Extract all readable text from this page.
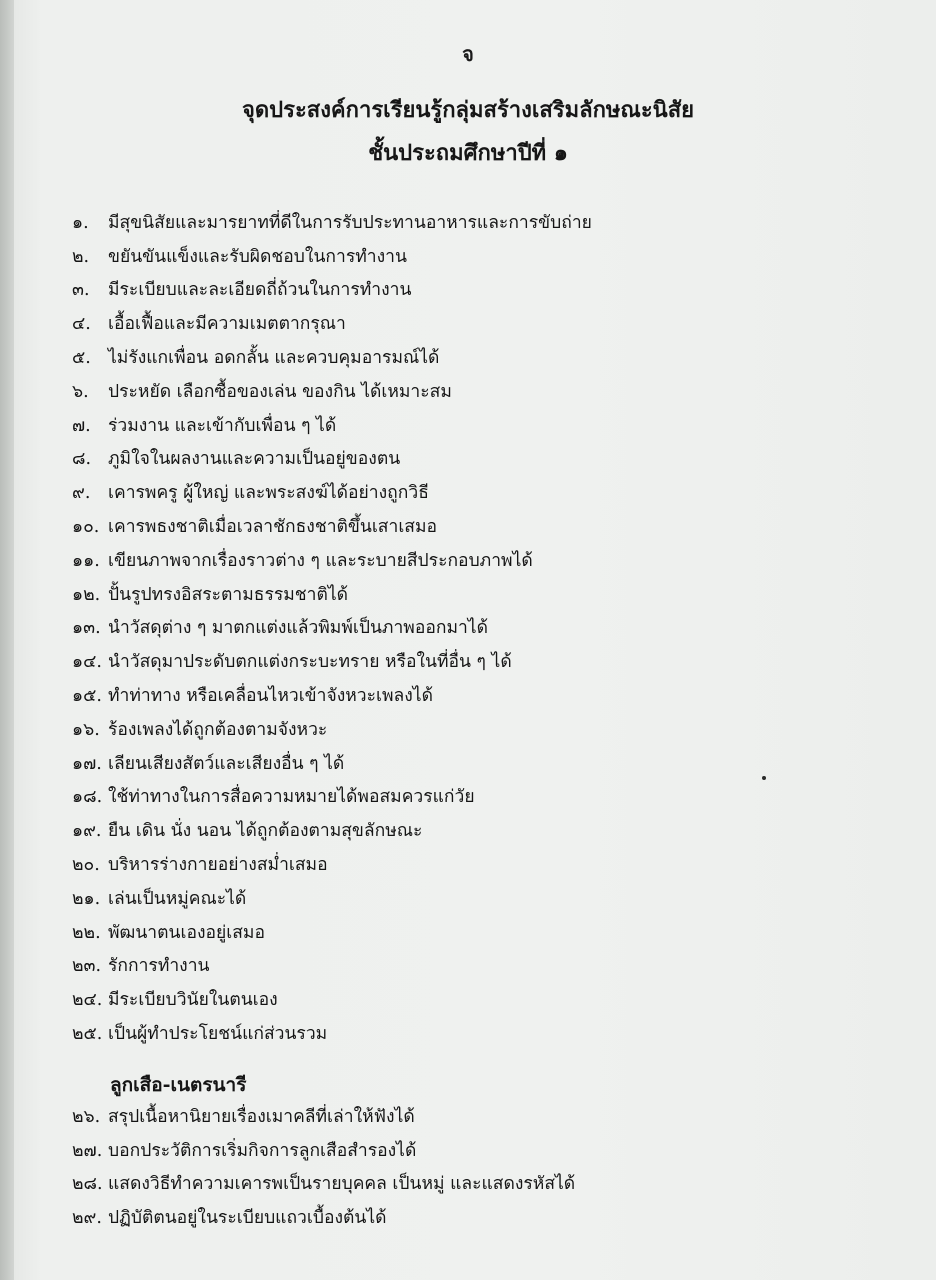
จ
จุดประสงค์การเรียนรู้กลุ่มสร้างเสริมลักษณะนิสัย
ชั้นประถมศึกษาปีที่ ๑
๑.	มีสุขนิสัยและมารยาทที่ดีในการรับประทานอาหารและการขับถ่าย
๒.	ขยันขันแข็งและรับผิดชอบในการทำงาน
๓.	มีระเบียบและละเอียดถี่ถ้วนในการทำงาน
๔. เอื้อเฟื้อและมีความเมตตากรุณา
๕. ไม่รังแกเพื่อน อดกลั้น และควบคุมอารมณ์ได้
๖.	ประหยัด เลือกซื้อของเล่น ของกิน ได้เหมาะสม
๗. ร่วมงาน และเข้ากับเพื่อน ๆ ได้
๘. ภูมิใจในผลงานและความเป็นอยู่ของตน
๙.	เคารพครู ผู้ใหญ่ และพระสงฆ์ได้อย่างถูกวิธี
๑๐. เคารพธงชาติเมื่อเวลาชักธงชาติขึ้นเสาเสมอ
๑๑. เขียนภาพจากเรื่องราวต่าง ๆ และระบายสีประกอบภาพได้
๑๒. ปั้นรูปทรงอิสระตามธรรมชาติได้
๑๓. นำวัสดุต่าง ๆ มาตกแต่งแล้วพิมพ์เป็นภาพออกมาได้
๑๔. นำวัสดุมาประดับตกแต่งกระบะทราย หรือในที่อื่น ๆ ได้
๑๕. ทำท่าทาง หรือเคลื่อนไหวเข้าจังหวะเพลงได้
๑๖. ร้องเพลงได้ถูกต้องตามจังหวะ
๑๗. เลียนเสียงสัตว์และเสียงอื่น ๆ ได้
๑๘. ใช้ท่าทางในการสื่อความหมายได้พอสมควรแก่วัย
๑๙. ยืน เดิน นั่ง นอน ได้ถูกต้องตามสุขลักษณะ
๒๐. บริหารร่างกายอย่างสม่ำเสมอ
๒๑. เล่นเป็นหมู่คณะได้
๒๒. พัฒนาตนเองอยู่เสมอ
๒๓. รักการทำงาน
๒๔. มีระเบียบวินัยในตนเอง
๒๕. เป็นผู้ทำประโยชน์แก่ส่วนรวม
ลูกเสือ-เนตรนารี
๒๖. สรุปเนื้อหานิยายเรื่องเมาคลีที่เล่าให้ฟังได้
๒๗. บอกประวัติการเริ่มกิจการลูกเสือสำรองได้
๒๘. แสดงวิธีทำความเคารพเป็นรายบุคคล เป็นหมู่ และแสดงรหัสได้
๒๙. ปฏิบัติตนอยู่ในระเบียบแถวเบื้องต้นได้
